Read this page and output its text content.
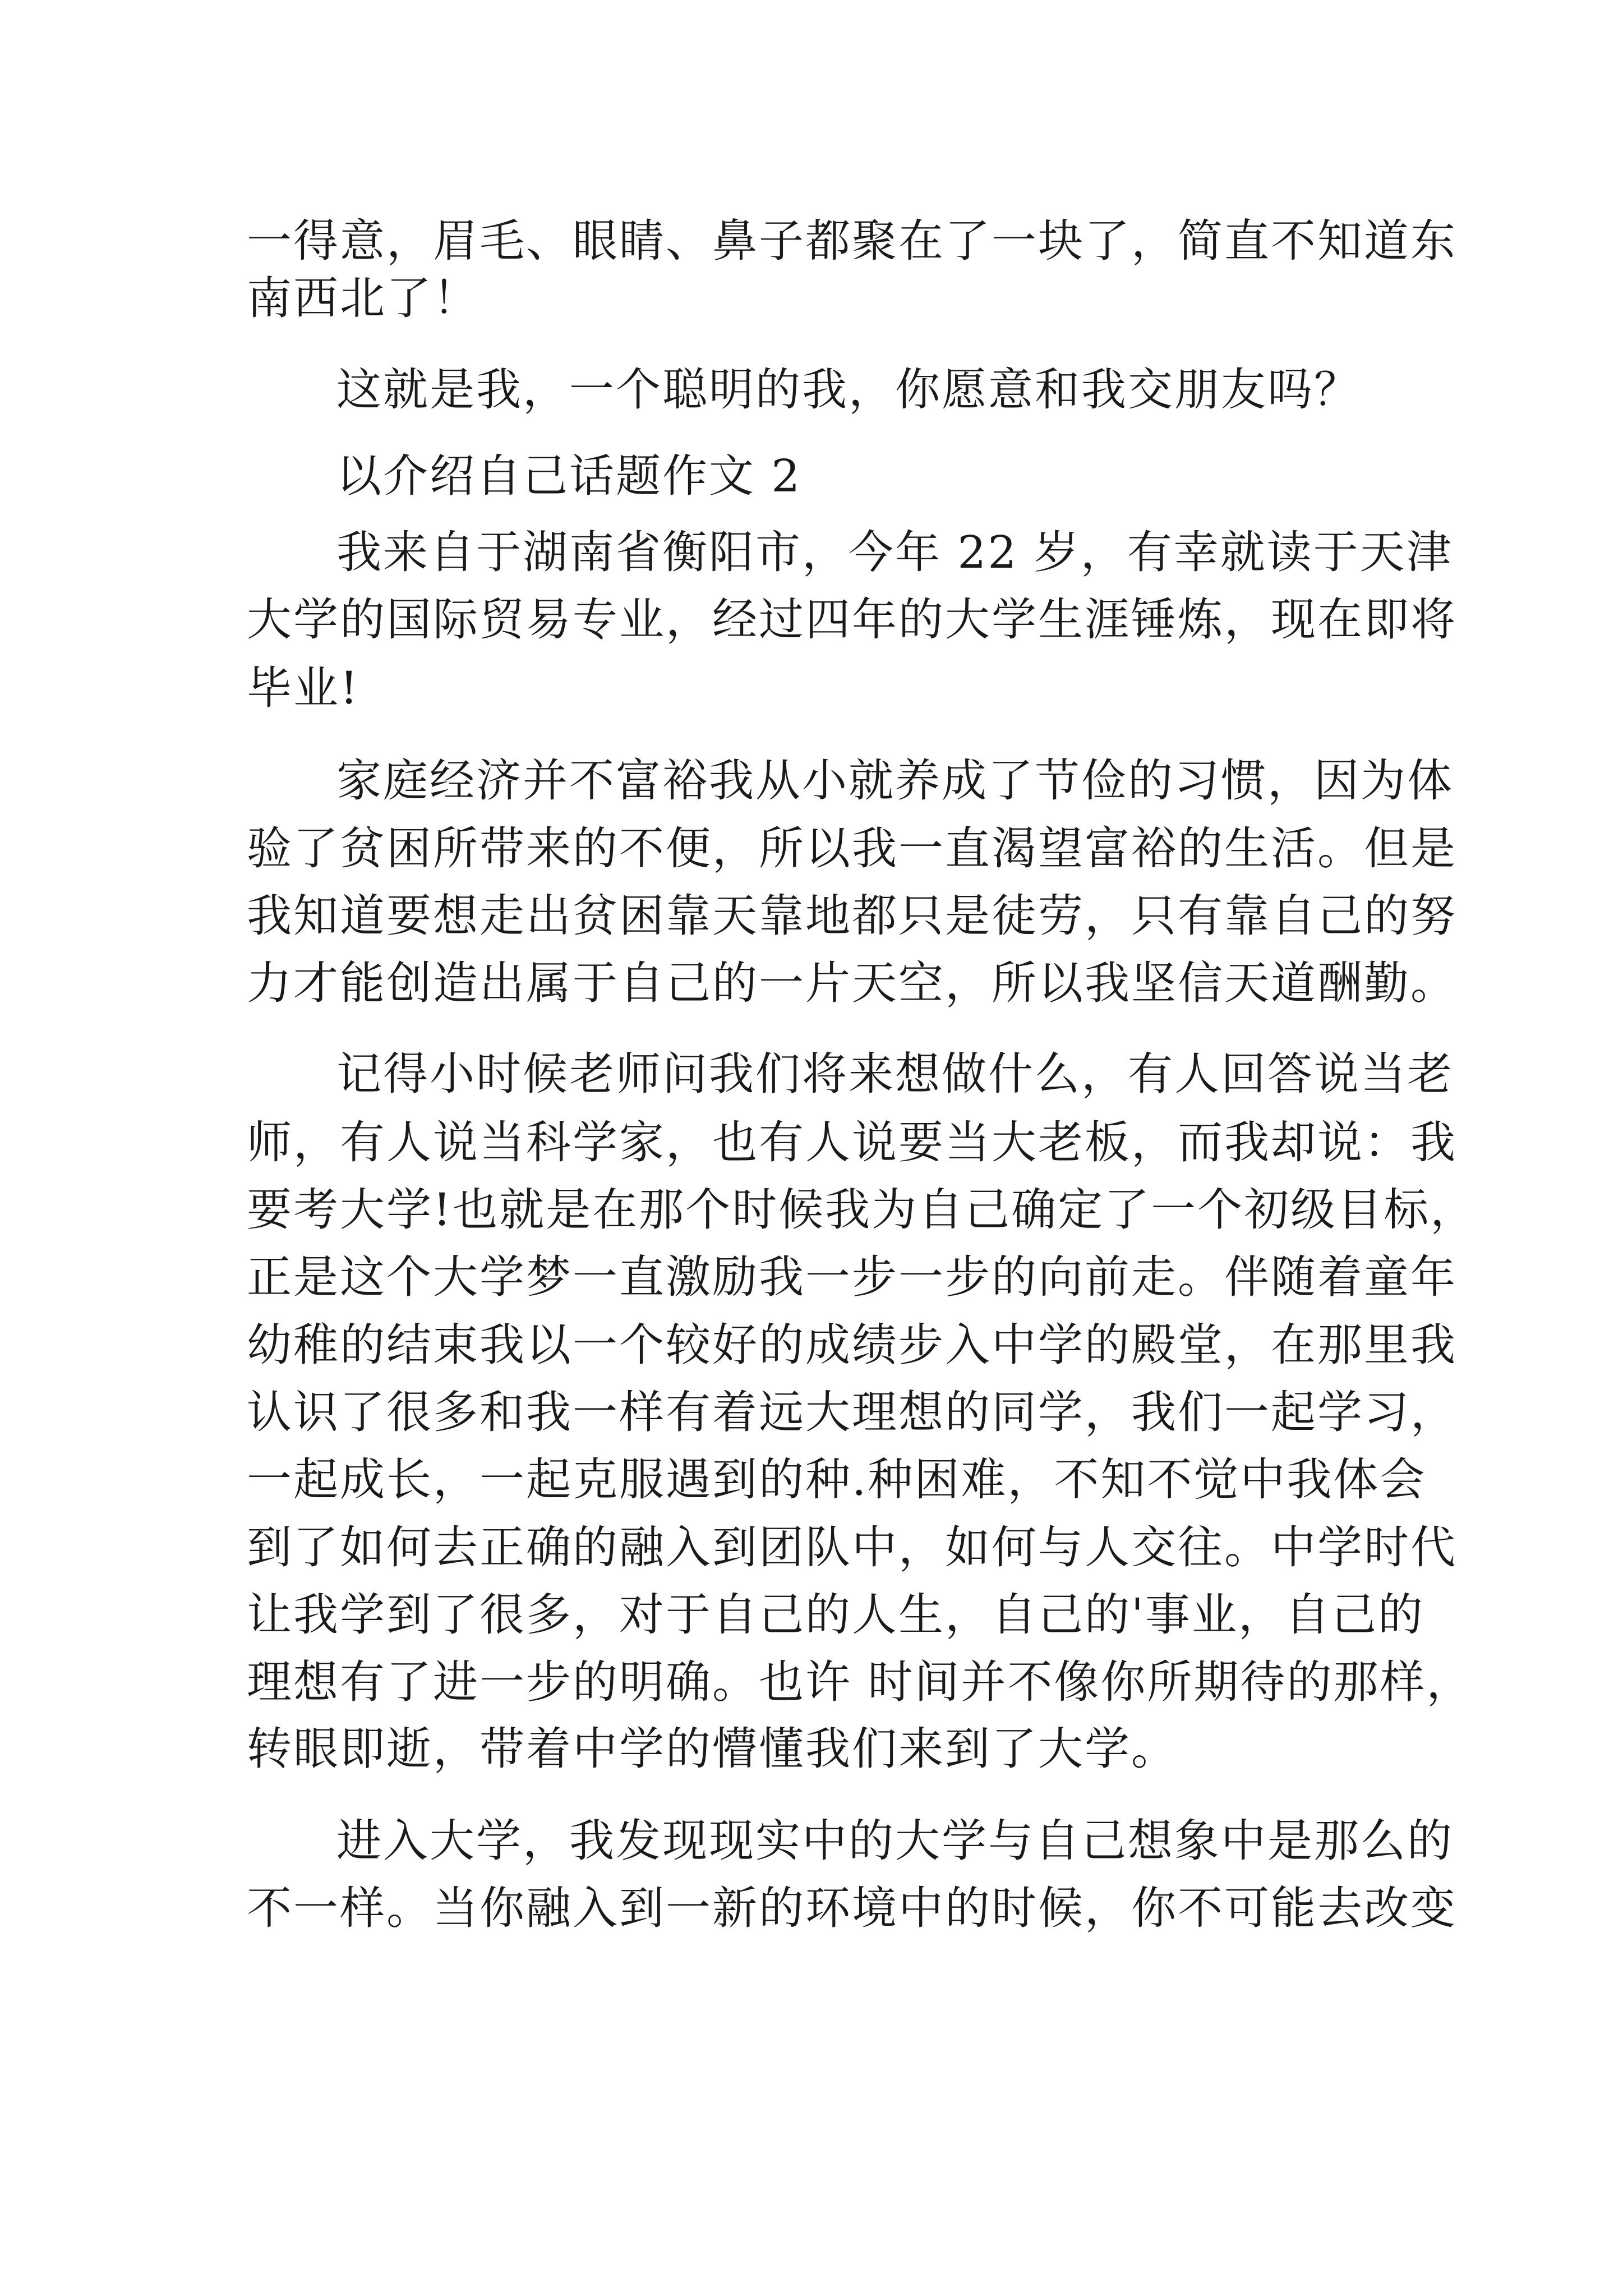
一得意，眉毛、眼睛、鼻子都聚在了一块了，简直不知道东
南西北了！
这就是我，一个聪明的我，你愿意和我交朋友吗？
以介绍自己话题作文 2
我来自于湖南省衡阳市，今年 22 岁，有幸就读于天津
大学的国际贸易专业，经过四年的大学生涯锤炼，现在即将
毕业!
家庭经济并不富裕我从小就养成了节俭的习惯，因为体
验了贫困所带来的不便，所以我一直渴望富裕的生活。但是
我知道要想走出贫困靠天靠地都只是徒劳，只有靠自己的努
力才能创造出属于自己的一片天空，所以我坚信天道酬勤。
记得小时候老师问我们将来想做什么，有人回答说当老
师，有人说当科学家，也有人说要当大老板，而我却说：我
要考大学!也就是在那个时候我为自己确定了一个初级目标，
正是这个大学梦一直激励我一步一步的向前走。伴随着童年
幼稚的结束我以一个较好的成绩步入中学的殿堂，在那里我
认识了很多和我一样有着远大理想的同学，我们一起学习，
一起成长，一起克服遇到的种.种困难，不知不觉中我体会
到了如何去正确的融入到团队中，如何与人交往。中学时代
让我学到了很多，对于自己的人生，自己的'事业，自己的
理想有了进一步的明确。也许 时间并不像你所期待的那样，
转眼即逝，带着中学的懵懂我们来到了大学。
进入大学，我发现现实中的大学与自己想象中是那么的
不一样。当你融入到一新的环境中的时候，你不可能去改变
